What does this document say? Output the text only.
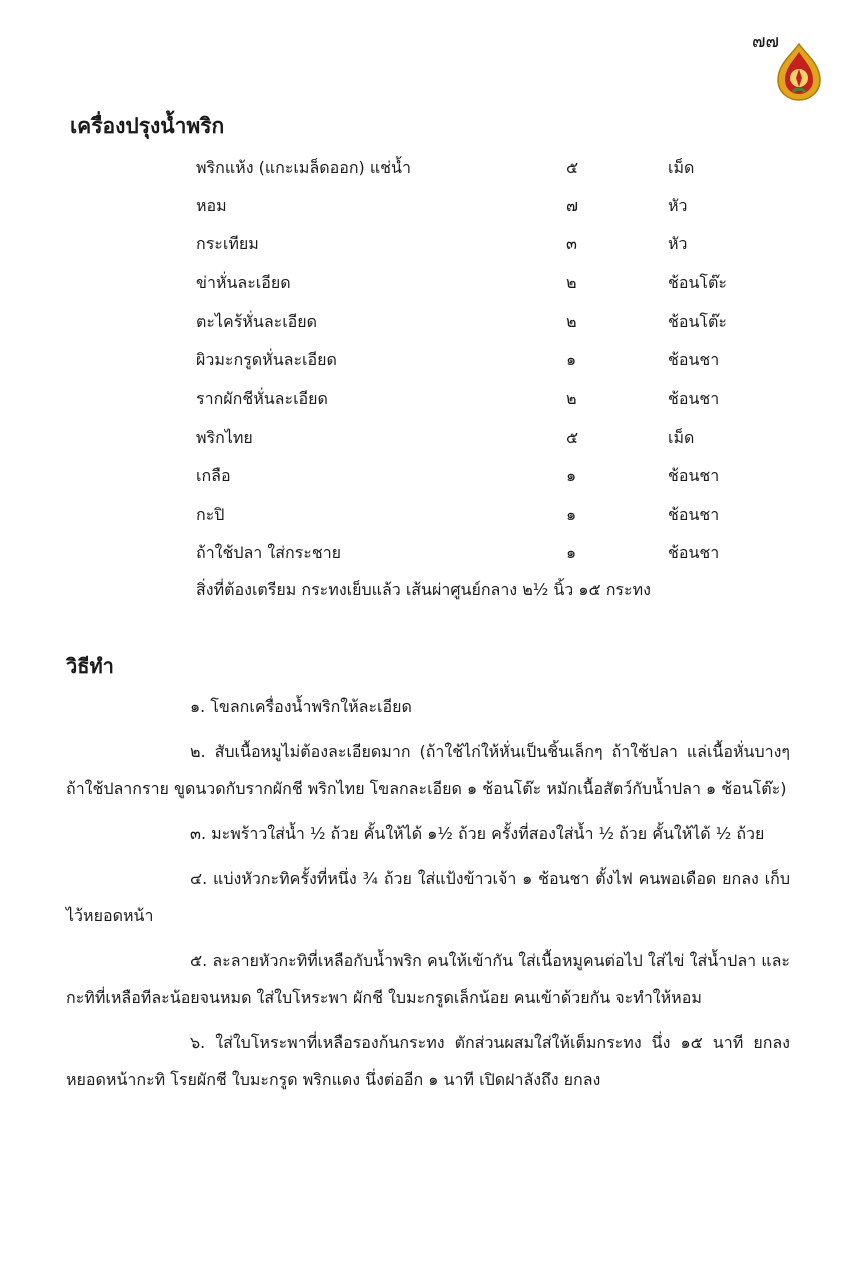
๗๗
เครื่องปรุงน้ำพริก
พริกแห้ง (แกะเมล็ดออก) แช่น้ำ	๕	เม็ด
หอม	๗	หัว
กระเทียม	๓	หัว
ข่าหั่นละเอียด	๒	ช้อนโต๊ะ
ตะไคร้หั่นละเอียด	๒	ช้อนโต๊ะ
ผิวมะกรูดหั่นละเอียด	๑	ช้อนชา
รากผักชีหั่นละเอียด	๒	ช้อนชา
พริกไทย	๕	เม็ด
เกลือ	๑	ช้อนชา
กะปิ	๑	ช้อนชา
ถ้าใช้ปลา ใส่กระชาย	๑	ช้อนชา
สิ่งที่ต้องเตรียม กระทงเย็บแล้ว เส้นผ่าศูนย์กลาง ๒½ นิ้ว ๑๕ กระทง
วิธีทำ

๑. โขลกเครื่องน้ำพริกให้ละเอียด

๒. สับเนื้อหมูไม่ต้องละเอียดมาก (ถ้าใช้ไก่ให้หั่นเป็นชิ้นเล็กๆ ถ้าใช้ปลา แล่เนื้อหั่นบางๆ ถ้าใช้ปลากราย ขูดนวดกับรากผักชี พริกไทย โขลกละเอียด ๑ ช้อนโต๊ะ หมักเนื้อสัตว์กับน้ำปลา ๑ ช้อนโต๊ะ)

๓. มะพร้าวใส่น้ำ ½ ถ้วย คั้นให้ได้ ๑½ ถ้วย ครั้งที่สองใส่น้ำ ½ ถ้วย คั้นให้ได้ ½ ถ้วย

๔. แบ่งหัวกะทิครั้งที่หนึ่ง ¾ ถ้วย ใส่แป้งข้าวเจ้า ๑ ช้อนชา ตั้งไฟ คนพอเดือด ยกลง เก็บไว้หยอดหน้า

๕. ละลายหัวกะทิที่เหลือกับน้ำพริก คนให้เข้ากัน ใส่เนื้อหมูคนต่อไป ใส่ไข่ ใส่น้ำปลา และกะทิที่เหลือทีละน้อยจนหมด ใส่ใบโหระพา ผักชี ใบมะกรูดเล็กน้อย คนเข้าด้วยกัน จะทำให้หอม

๖. ใส่ใบโหระพาที่เหลือรองก้นกระทง ตักส่วนผสมใส่ให้เต็มกระทง นึ่ง ๑๕ นาที ยกลงหยอดหน้ากะทิ โรยผักชี ใบมะกรูด พริกแดง นึ่งต่ออีก ๑ นาที เปิดฝาลังถึง ยกลง
